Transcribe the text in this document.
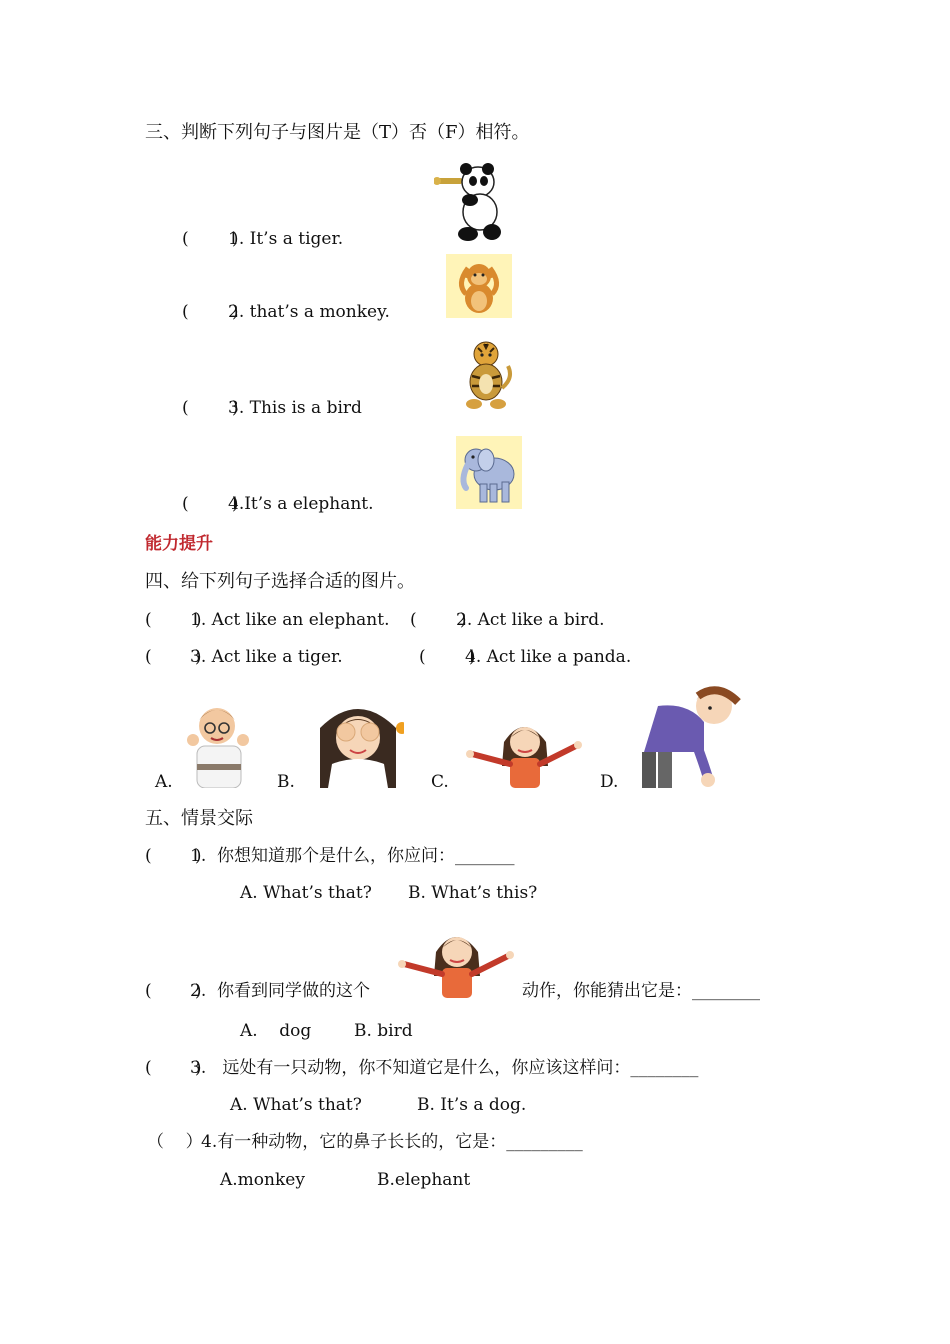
三、判断下列句子与图片是（T）否（F）相符。
(        )
1. It’s a tiger.
(        )
2. that’s a monkey.
(        )
3. This is a bird
(        )
4.It’s a elephant.
能力提升
四、给下列句子选择合适的图片。
(        )
1. Act like an elephant. (        )
2. Act like a bird.
(        )
3. Act like a tiger.	(        )
4. Act like a panda.
A.	B.	C.	D.
五、情景交际
(        )
1.  你想知道那个是什么，你应问：_______
A. What’s that? B. What’s this?
(        )
2.  你看到同学做的这个	动作，你能猜出它是：________
A.    dog	B. bird
(        )
3.   远处有一只动物，你不知道它是什么，你应该这样问：________
A. What’s that?	B. It’s a dog.
（    ）
4.有一种动物，它的鼻子长长的，它是：_________
A.monkey	B.elephant
